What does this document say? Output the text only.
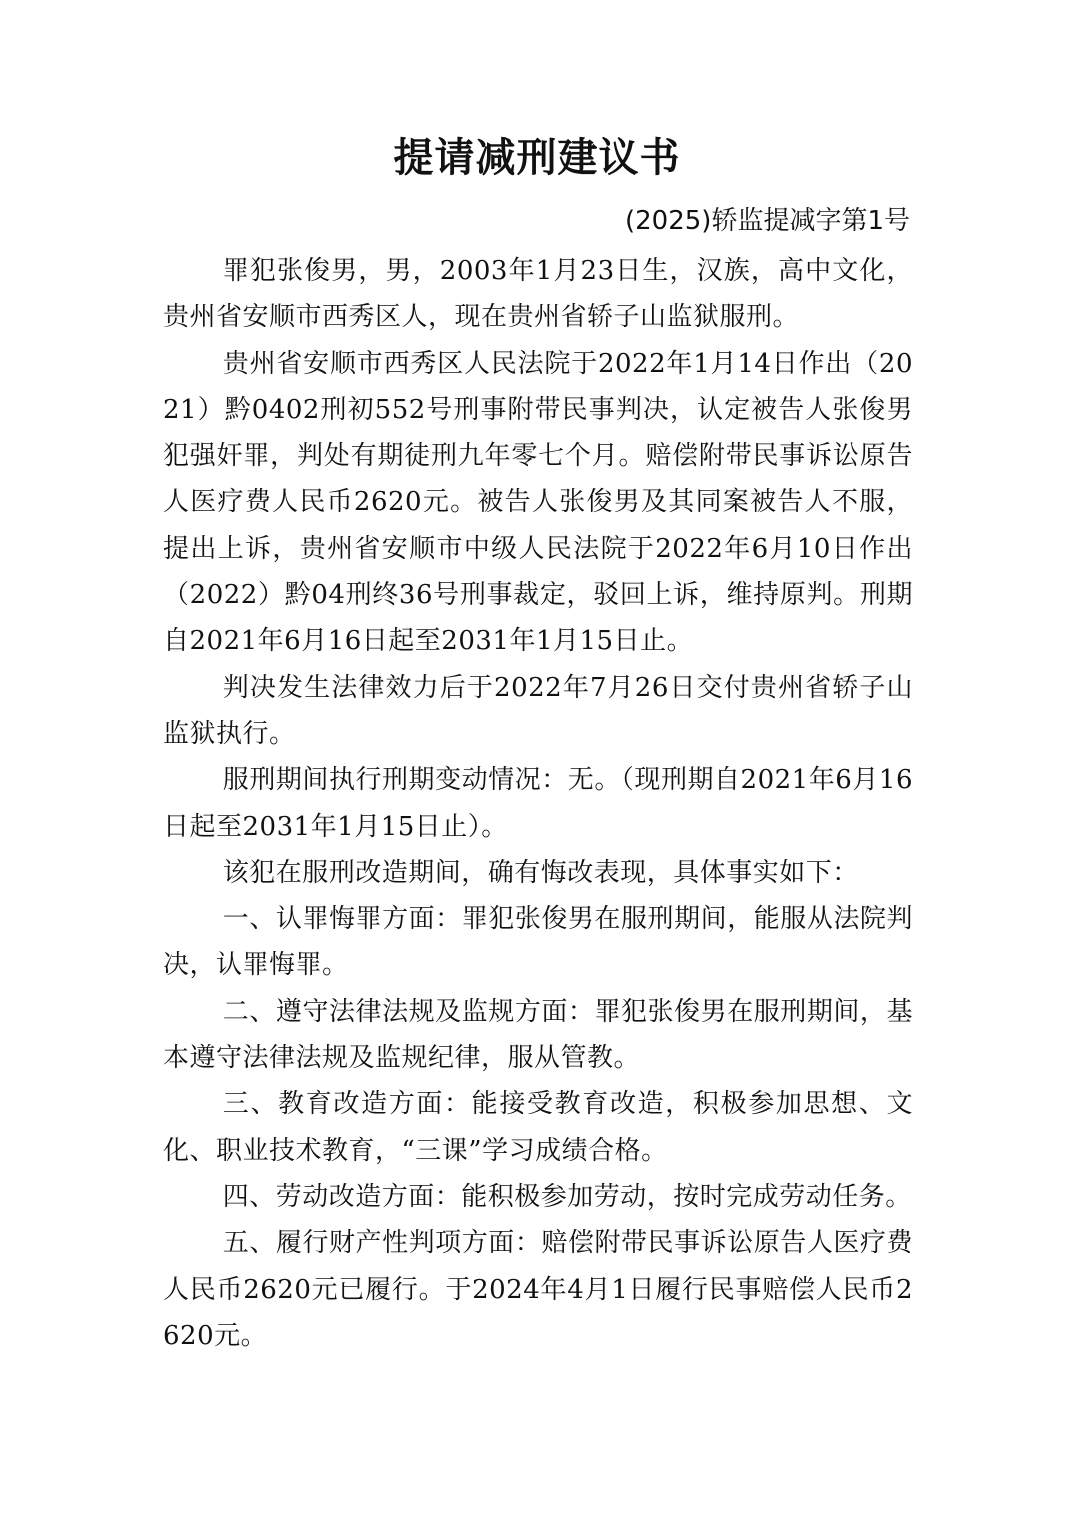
提请减刑建议书
(2025)轿监提减字第1号

罪犯张俊男，男，2003年1月23日生，汉族，高中文化，贵州省安顺市西秀区人，现在贵州省轿子山监狱服刑。

贵州省安顺市西秀区人民法院于2022年1月14日作出（2021）黔0402刑初552号刑事附带民事判决，认定被告人张俊男犯强奸罪，判处有期徒刑九年零七个月。赔偿附带民事诉讼原告人医疗费人民币2620元。被告人张俊男及其同案被告人不服，提出上诉，贵州省安顺市中级人民法院于2022年6月10日作出（2022）黔04刑终36号刑事裁定，驳回上诉，维持原判。刑期自2021年6月16日起至2031年1月15日止。

判决发生法律效力后于2022年7月26日交付贵州省轿子山监狱执行。

服刑期间执行刑期变动情况：无。（现刑期自2021年6月16日起至2031年1月15日止）。

该犯在服刑改造期间，确有悔改表现，具体事实如下：

一、认罪悔罪方面：罪犯张俊男在服刑期间，能服从法院判决，认罪悔罪。

二、遵守法律法规及监规方面：罪犯张俊男在服刑期间，基本遵守法律法规及监规纪律，服从管教。

三、教育改造方面：能接受教育改造，积极参加思想、文化、职业技术教育，“三课”学习成绩合格。

四、劳动改造方面：能积极参加劳动，按时完成劳动任务。

五、履行财产性判项方面：赔偿附带民事诉讼原告人医疗费人民币2620元已履行。于2024年4月1日履行民事赔偿人民币2620元。
